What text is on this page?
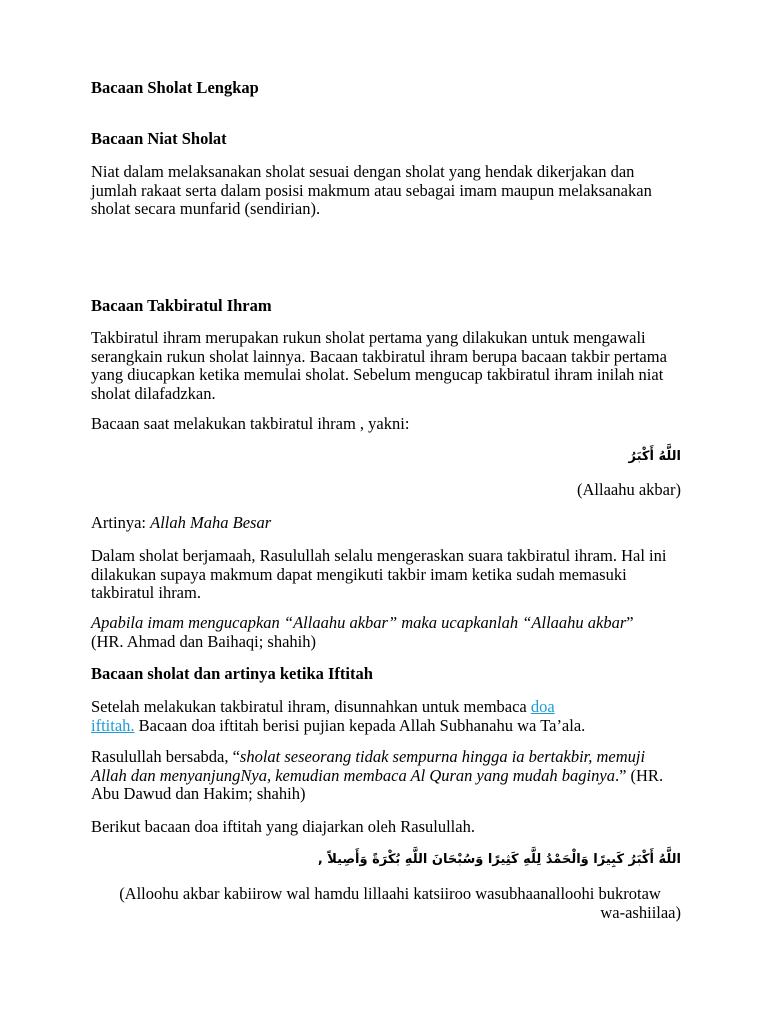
Bacaan Sholat Lengkap

Bacaan Niat Sholat

Niat dalam melaksanakan sholat sesuai dengan sholat yang hendak dikerjakan dan jumlah rakaat serta dalam posisi makmum atau sebagai imam maupun melaksanakan sholat secara munfarid (sendirian).

Bacaan Takbiratul Ihram

Takbiratul ihram merupakan rukun sholat pertama yang dilakukan untuk mengawali serangkain rukun sholat lainnya. Bacaan takbiratul ihram berupa bacaan takbir pertama yang diucapkan ketika memulai sholat. Sebelum mengucap takbiratul ihram inilah niat sholat dilafadzkan.

Bacaan saat melakukan takbiratul ihram , yakni:

اللَّهُ أَكْبَرُ

(Allaahu akbar)

Artinya: Allah Maha Besar

Dalam sholat berjamaah, Rasulullah selalu mengeraskan suara takbiratul ihram. Hal ini dilakukan supaya makmum dapat mengikuti takbir imam ketika sudah memasuki takbiratul ihram.

Apabila imam mengucapkan “Allaahu akbar” maka ucapkanlah “Allaahu akbar”
(HR. Ahmad dan Baihaqi; shahih)

Bacaan sholat dan artinya ketika Iftitah

Setelah melakukan takbiratul ihram, disunnahkan untuk membaca doa
iftitah. Bacaan doa iftitah berisi pujian kepada Allah Subhanahu wa Ta’ala.

Rasulullah bersabda, “sholat seseorang tidak sempurna hingga ia bertakbir, memuji Allah dan menyanjungNya, kemudian membaca Al Quran yang mudah baginya.” (HR. Abu Dawud dan Hakim; shahih)

Berikut bacaan doa iftitah yang diajarkan oleh Rasulullah.

اللَّهُ أَكْبَرُ كَبِيرًا وَالْحَمْدُ لِلَّهِ كَثِيرًا وَسُبْحَانَ اللَّهِ بُكْرَةً وَأَصِيلاً ,

(Alloohu akbar kabiirow wal hamdu lillaahi katsiiroo wasubhaanalloohi bukrotaw
wa-ashiilaa)
